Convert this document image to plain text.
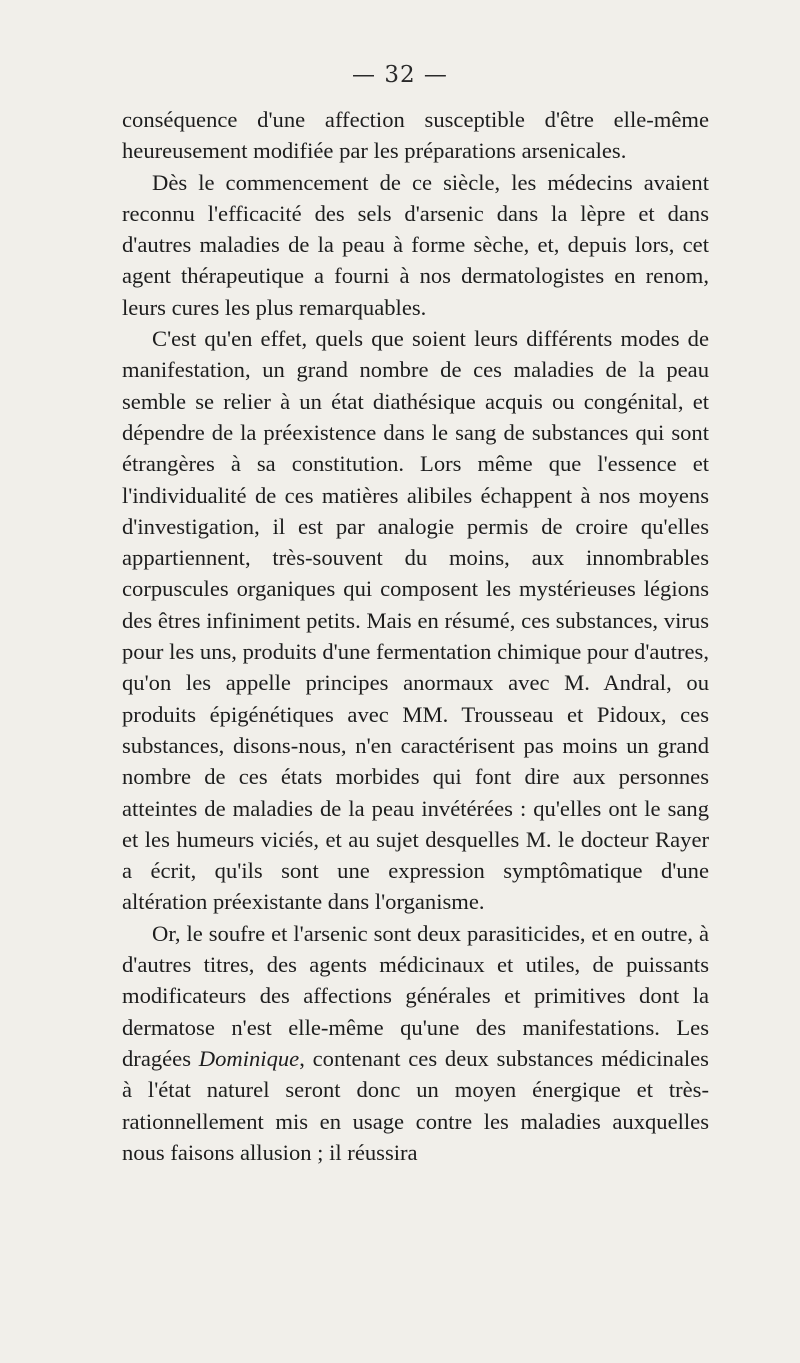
— 32 —

conséquence d'une affection susceptible d'être elle-même heureusement modifiée par les préparations arsenicales.

Dès le commencement de ce siècle, les médecins avaient reconnu l'efficacité des sels d'arsenic dans la lèpre et dans d'autres maladies de la peau à forme sèche, et, depuis lors, cet agent thérapeutique a fourni à nos dermatologistes en renom, leurs cures les plus remarquables.

C'est qu'en effet, quels que soient leurs différents modes de manifestation, un grand nombre de ces maladies de la peau semble se relier à un état diathésique acquis ou congénital, et dépendre de la préexistence dans le sang de substances qui sont étrangères à sa constitution. Lors même que l'essence et l'individualité de ces matières alibiles échappent à nos moyens d'investigation, il est par analogie permis de croire qu'elles appartiennent, très-souvent du moins, aux innombrables corpuscules organiques qui composent les mystérieuses légions des êtres infiniment petits. Mais en résumé, ces substances, virus pour les uns, produits d'une fermentation chimique pour d'autres, qu'on les appelle principes anormaux avec M. Andral, ou produits épigénétiques avec MM. Trousseau et Pidoux, ces substances, disons-nous, n'en caractérisent pas moins un grand nombre de ces états morbides qui font dire aux personnes atteintes de maladies de la peau invétérées : qu'elles ont le sang et les humeurs viciés, et au sujet desquelles M. le docteur Rayer a écrit, qu'ils sont une expression symptômatique d'une altération préexistante dans l'organisme.

Or, le soufre et l'arsenic sont deux parasiticides, et en outre, à d'autres titres, des agents médicinaux et utiles, de puissants modificateurs des affections générales et primitives dont la dermatose n'est elle-même qu'une des manifestations. Les dragées Dominique, contenant ces deux substances médicinales à l'état naturel seront donc un moyen énergique et très-rationnellement mis en usage contre les maladies auxquelles nous faisons allusion ; il réussira
